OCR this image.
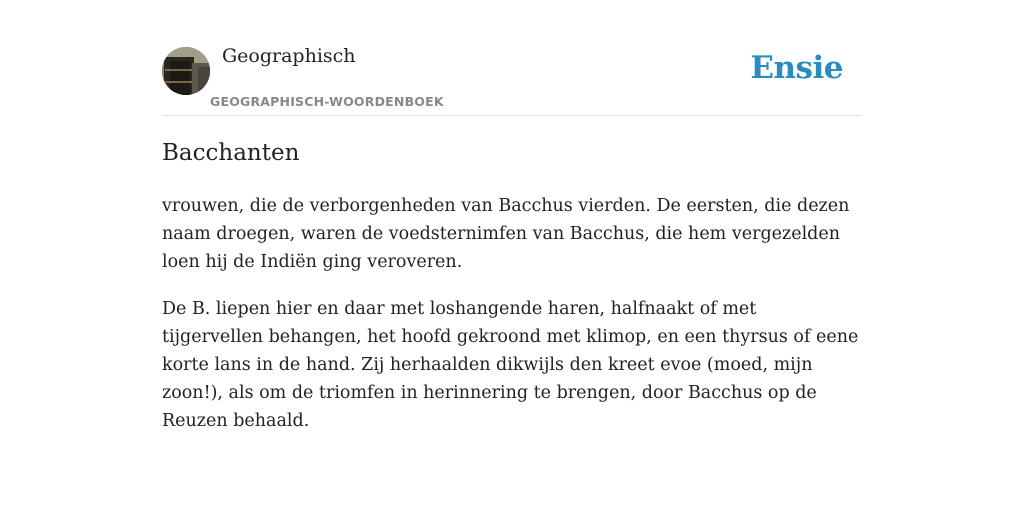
Geographisch
GEOGRAPHISCH-WOORDENBOEK
Ensie
Bacchanten

vrouwen, die de verborgenheden van Bacchus vierden. De eersten, die dezen naam droegen, waren de voedsternimfen van Bacchus, die hem vergezelden loen hij de Indiën ging veroveren.

De B. liepen hier en daar met loshangende haren, halfnaakt of met tijgervellen behangen, het hoofd gekroond met klimop, en een thyrsus of eene korte lans in de hand. Zij herhaalden dikwijls den kreet evoe (moed, mijn zoon!), als om de triomfen in herinnering te brengen, door Bacchus op de Reuzen behaald.
